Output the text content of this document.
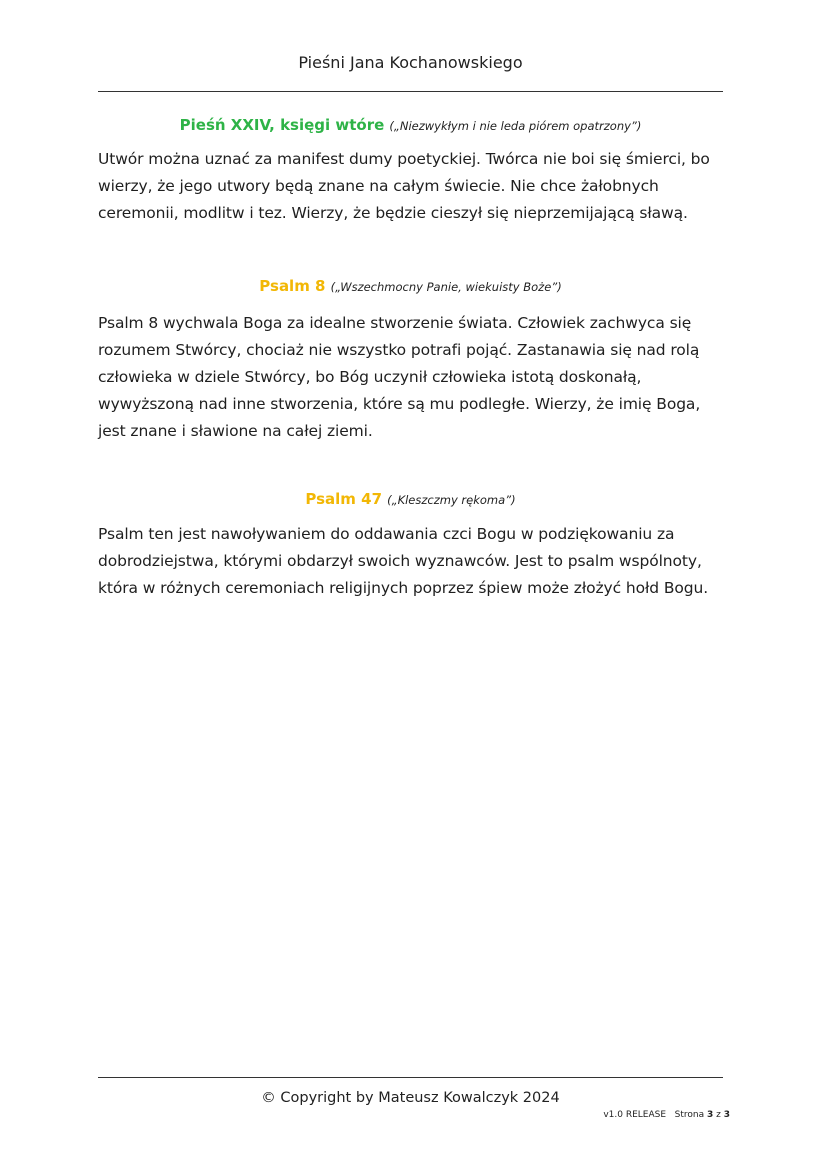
Pieśni Jana Kochanowskiego
Pieśń XXIV, księgi wtóre („Niezwykłym i nie leda piórem opatrzony”)

Utwór można uznać za manifest dumy poetyckiej. Twórca nie boi się śmierci, bo wierzy, że jego utwory będą znane na całym świecie. Nie chce żałobnych ceremonii, modlitw i tez. Wierzy, że będzie cieszył się nieprzemijającą sławą.

Psalm 8 („Wszechmocny Panie, wiekuisty Boże”)

Psalm 8 wychwala Boga za idealne stworzenie świata. Człowiek zachwyca się rozumem Stwórcy, chociaż nie wszystko potrafi pojąć. Zastanawia się nad rolą człowieka w dziele Stwórcy, bo Bóg uczynił człowieka istotą doskonałą, wywyższoną nad inne stworzenia, które są mu podległe. Wierzy, że imię Boga, jest znane i sławione na całej ziemi.

Psalm 47 („Kleszczmy rękoma”)

Psalm ten jest nawoływaniem do oddawania czci Bogu w podziękowaniu za dobrodziejstwa, którymi obdarzył swoich wyznawców. Jest to psalm wspólnoty, która w różnych ceremoniach religijnych poprzez śpiew może złożyć hołd Bogu.

© Copyright by Mateusz Kowalczyk 2024
v1.0 RELEASE Strona 3 z 3
